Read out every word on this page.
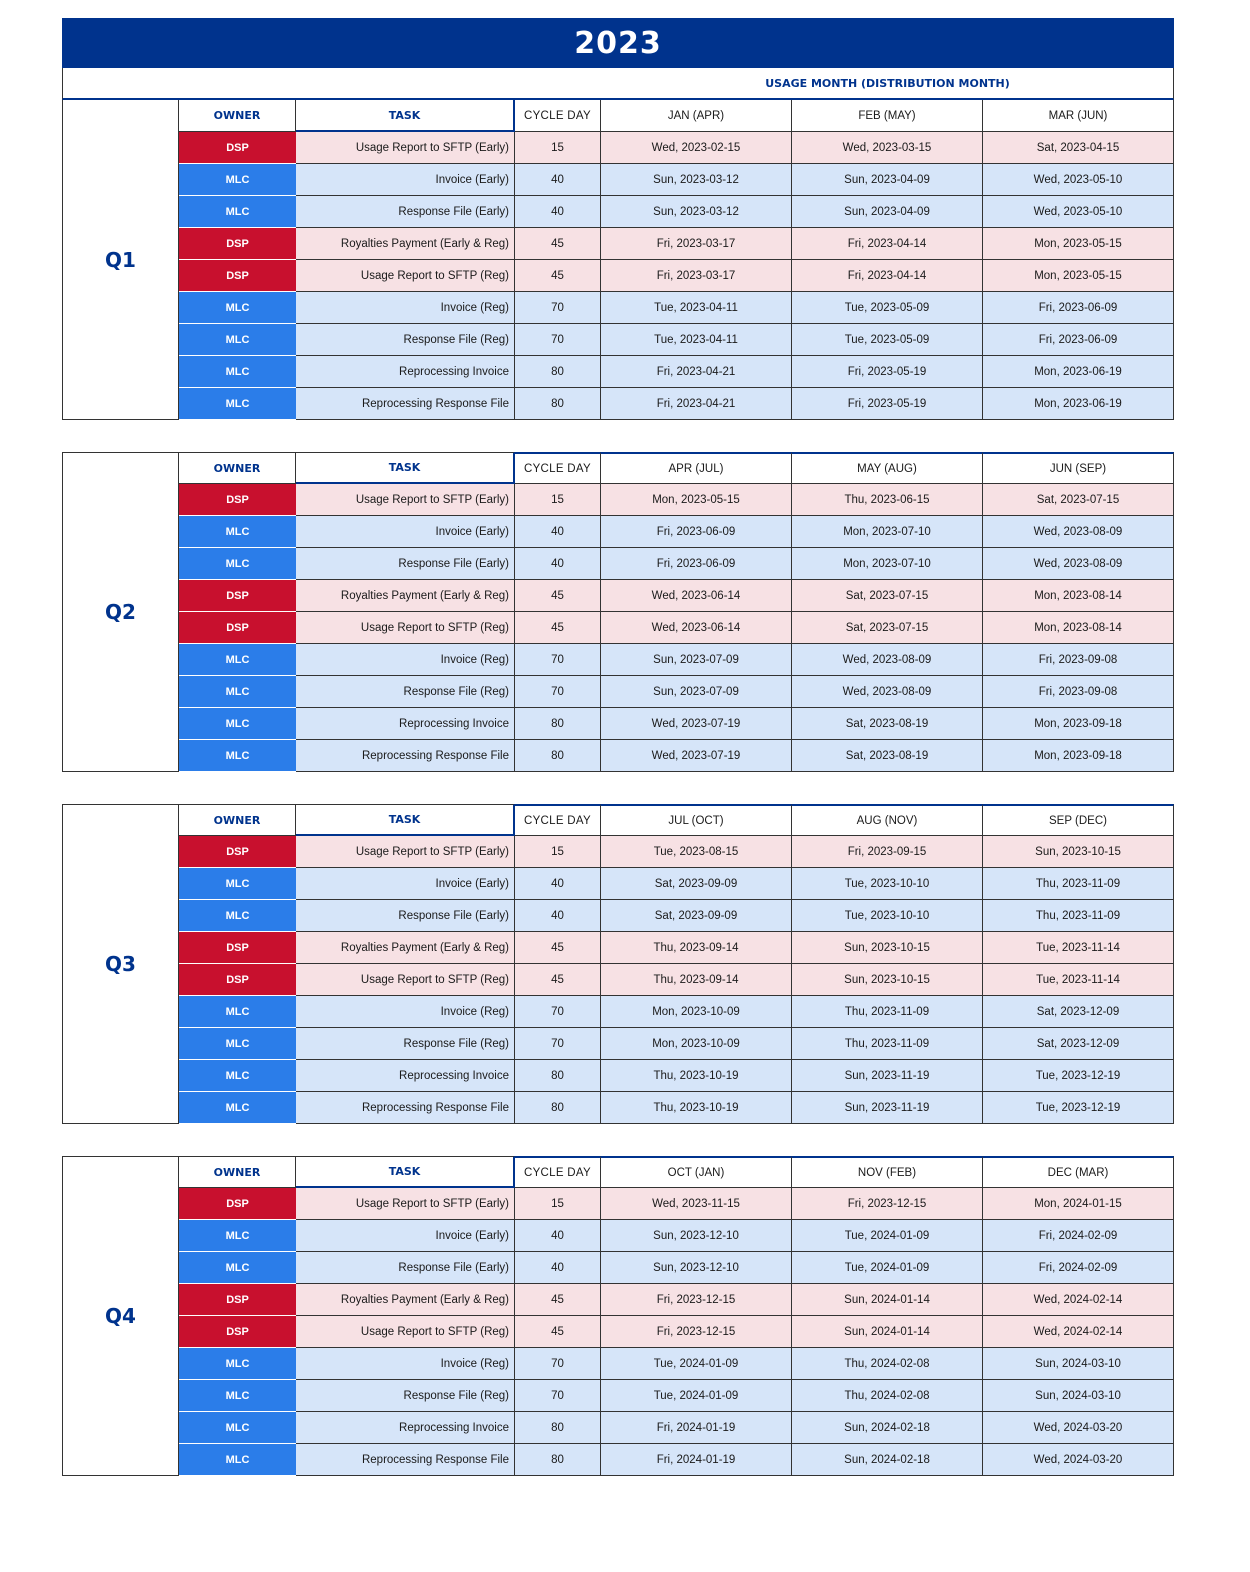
2023
USAGE MONTH (DISTRIBUTION MONTH)
Q1
OWNER	TASK	CYCLE DAY	JAN (APR)	FEB (MAY)	MAR (JUN)
DSP	Usage Report to SFTP (Early)	15	Wed, 2023-02-15	Wed, 2023-03-15	Sat, 2023-04-15
MLC	Invoice (Early)	40	Sun, 2023-03-12	Sun, 2023-04-09	Wed, 2023-05-10
MLC	Response File (Early)	40	Sun, 2023-03-12	Sun, 2023-04-09	Wed, 2023-05-10
DSP	Royalties Payment (Early & Reg)	45	Fri, 2023-03-17	Fri, 2023-04-14	Mon, 2023-05-15
DSP	Usage Report to SFTP (Reg)	45	Fri, 2023-03-17	Fri, 2023-04-14	Mon, 2023-05-15
MLC	Invoice (Reg)	70	Tue, 2023-04-11	Tue, 2023-05-09	Fri, 2023-06-09
MLC	Response File (Reg)	70	Tue, 2023-04-11	Tue, 2023-05-09	Fri, 2023-06-09
MLC	Reprocessing Invoice	80	Fri, 2023-04-21	Fri, 2023-05-19	Mon, 2023-06-19
MLC	Reprocessing Response File	80	Fri, 2023-04-21	Fri, 2023-05-19	Mon, 2023-06-19
Q2
OWNER	TASK	CYCLE DAY	APR (JUL)	MAY (AUG)	JUN (SEP)
DSP	Usage Report to SFTP (Early)	15	Mon, 2023-05-15	Thu, 2023-06-15	Sat, 2023-07-15
MLC	Invoice (Early)	40	Fri, 2023-06-09	Mon, 2023-07-10	Wed, 2023-08-09
MLC	Response File (Early)	40	Fri, 2023-06-09	Mon, 2023-07-10	Wed, 2023-08-09
DSP	Royalties Payment (Early & Reg)	45	Wed, 2023-06-14	Sat, 2023-07-15	Mon, 2023-08-14
DSP	Usage Report to SFTP (Reg)	45	Wed, 2023-06-14	Sat, 2023-07-15	Mon, 2023-08-14
MLC	Invoice (Reg)	70	Sun, 2023-07-09	Wed, 2023-08-09	Fri, 2023-09-08
MLC	Response File (Reg)	70	Sun, 2023-07-09	Wed, 2023-08-09	Fri, 2023-09-08
MLC	Reprocessing Invoice	80	Wed, 2023-07-19	Sat, 2023-08-19	Mon, 2023-09-18
MLC	Reprocessing Response File	80	Wed, 2023-07-19	Sat, 2023-08-19	Mon, 2023-09-18
Q3
OWNER	TASK	CYCLE DAY	JUL (OCT)	AUG (NOV)	SEP (DEC)
DSP	Usage Report to SFTP (Early)	15	Tue, 2023-08-15	Fri, 2023-09-15	Sun, 2023-10-15
MLC	Invoice (Early)	40	Sat, 2023-09-09	Tue, 2023-10-10	Thu, 2023-11-09
MLC	Response File (Early)	40	Sat, 2023-09-09	Tue, 2023-10-10	Thu, 2023-11-09
DSP	Royalties Payment (Early & Reg)	45	Thu, 2023-09-14	Sun, 2023-10-15	Tue, 2023-11-14
DSP	Usage Report to SFTP (Reg)	45	Thu, 2023-09-14	Sun, 2023-10-15	Tue, 2023-11-14
MLC	Invoice (Reg)	70	Mon, 2023-10-09	Thu, 2023-11-09	Sat, 2023-12-09
MLC	Response File (Reg)	70	Mon, 2023-10-09	Thu, 2023-11-09	Sat, 2023-12-09
MLC	Reprocessing Invoice	80	Thu, 2023-10-19	Sun, 2023-11-19	Tue, 2023-12-19
MLC	Reprocessing Response File	80	Thu, 2023-10-19	Sun, 2023-11-19	Tue, 2023-12-19
Q4
OWNER	TASK	CYCLE DAY	OCT (JAN)	NOV (FEB)	DEC (MAR)
DSP	Usage Report to SFTP (Early)	15	Wed, 2023-11-15	Fri, 2023-12-15	Mon, 2024-01-15
MLC	Invoice (Early)	40	Sun, 2023-12-10	Tue, 2024-01-09	Fri, 2024-02-09
MLC	Response File (Early)	40	Sun, 2023-12-10	Tue, 2024-01-09	Fri, 2024-02-09
DSP	Royalties Payment (Early & Reg)	45	Fri, 2023-12-15	Sun, 2024-01-14	Wed, 2024-02-14
DSP	Usage Report to SFTP (Reg)	45	Fri, 2023-12-15	Sun, 2024-01-14	Wed, 2024-02-14
MLC	Invoice (Reg)	70	Tue, 2024-01-09	Thu, 2024-02-08	Sun, 2024-03-10
MLC	Response File (Reg)	70	Tue, 2024-01-09	Thu, 2024-02-08	Sun, 2024-03-10
MLC	Reprocessing Invoice	80	Fri, 2024-01-19	Sun, 2024-02-18	Wed, 2024-03-20
MLC	Reprocessing Response File	80	Fri, 2024-01-19	Sun, 2024-02-18	Wed, 2024-03-20
